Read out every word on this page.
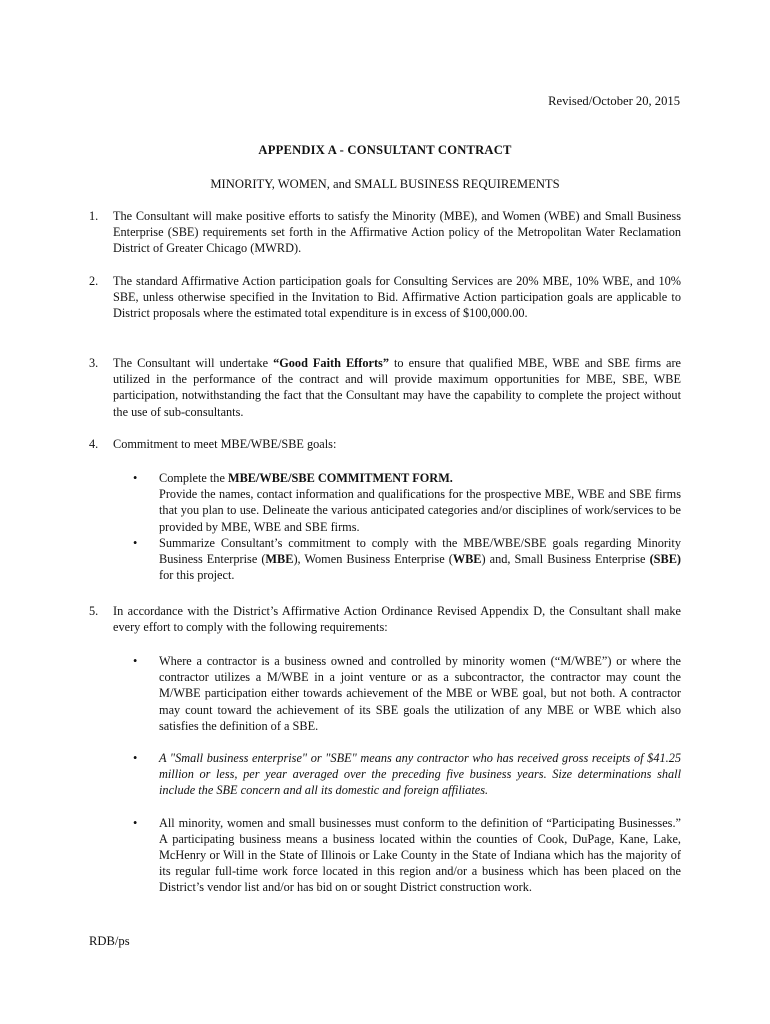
Revised/October 20, 2015
APPENDIX A - CONSULTANT CONTRACT
MINORITY, WOMEN, and SMALL BUSINESS REQUIREMENTS
1. The Consultant will make positive efforts to satisfy the Minority (MBE), and Women (WBE) and Small Business Enterprise (SBE) requirements set forth in the Affirmative Action policy of the Metropolitan Water Reclamation District of Greater Chicago (MWRD).
2. The standard Affirmative Action participation goals for Consulting Services are 20% MBE, 10% WBE, and 10% SBE, unless otherwise specified in the Invitation to Bid. Affirmative Action participation goals are applicable to District proposals where the estimated total expenditure is in excess of $100,000.00.
3. The Consultant will undertake “Good Faith Efforts” to ensure that qualified MBE, WBE and SBE firms are utilized in the performance of the contract and will provide maximum opportunities for MBE, SBE, WBE participation, notwithstanding the fact that the Consultant may have the capability to complete the project without the use of sub-consultants.
4. Commitment to meet MBE/WBE/SBE goals:
• Complete the MBE/WBE/SBE COMMITMENT FORM.
Provide the names, contact information and qualifications for the prospective MBE, WBE and SBE firms that you plan to use. Delineate the various anticipated categories and/or disciplines of work/services to be provided by MBE, WBE and SBE firms.
• Summarize Consultant’s commitment to comply with the MBE/WBE/SBE goals regarding Minority Business Enterprise (MBE), Women Business Enterprise (WBE) and, Small Business Enterprise (SBE) for this project.
5. In accordance with the District’s Affirmative Action Ordinance Revised Appendix D, the Consultant shall make every effort to comply with the following requirements:
• Where a contractor is a business owned and controlled by minority women (“M/WBE”) or where the contractor utilizes a M/WBE in a joint venture or as a subcontractor, the contractor may count the M/WBE participation either towards achievement of the MBE or WBE goal, but not both. A contractor may count toward the achievement of its SBE goals the utilization of any MBE or WBE which also satisfies the definition of a SBE.
• A "Small business enterprise" or "SBE" means any contractor who has received gross receipts of $41.25 million or less, per year averaged over the preceding five business years. Size determinations shall include the SBE concern and all its domestic and foreign affiliates.
• All minority, women and small businesses must conform to the definition of “Participating Businesses.” A participating business means a business located within the counties of Cook, DuPage, Kane, Lake, McHenry or Will in the State of Illinois or Lake County in the State of Indiana which has the majority of its regular full-time work force located in this region and/or a business which has been placed on the District’s vendor list and/or has bid on or sought District construction work.
RDB/ps
